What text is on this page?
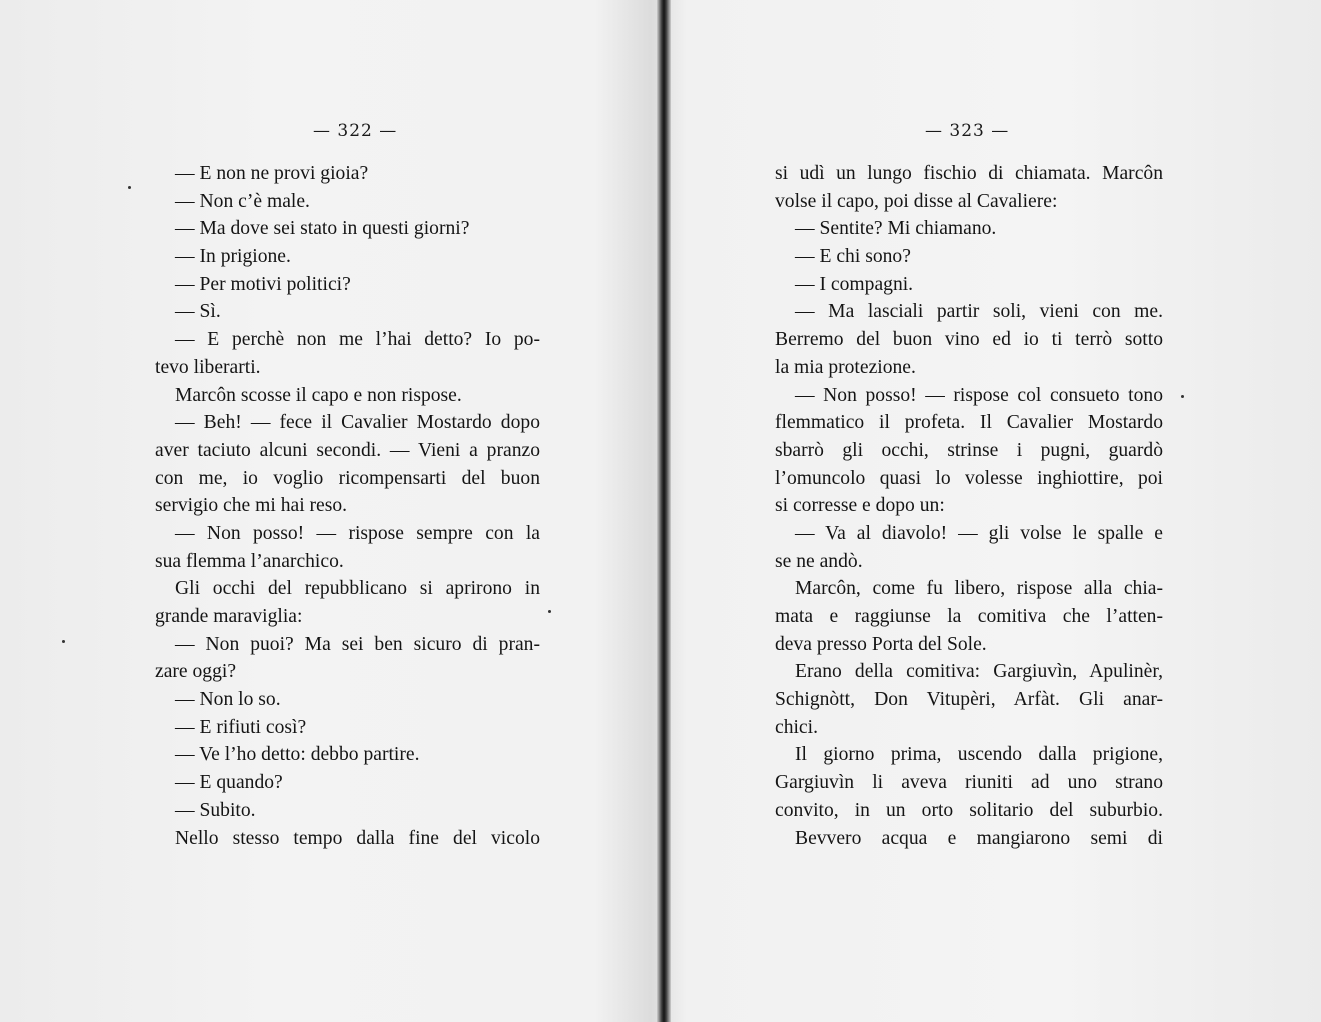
— 322 —
— E non ne provi gioia?
— Non c’è male.
— Ma dove sei stato in questi giorni?
— In prigione.
— Per motivi politici?
— Sì.
— E perchè non me l’hai detto? Io po-
tevo liberarti.
Marcôn scosse il capo e non rispose.
— Beh! — fece il Cavalier Mostardo dopo
aver taciuto alcuni secondi. — Vieni a pranzo
con me, io voglio ricompensarti del buon
servigio che mi hai reso.
— Non posso! — rispose sempre con la
sua flemma l’anarchico.
Gli occhi del repubblicano si aprirono in
grande maraviglia:
— Non puoi? Ma sei ben sicuro di pran-
zare oggi?
— Non lo so.
— E rifiuti così?
— Ve l’ho detto: debbo partire.
— E quando?
— Subito.
Nello stesso tempo dalla fine del vicolo
— 323 —
si udì un lungo fischio di chiamata. Marcôn
volse il capo, poi disse al Cavaliere:
— Sentite? Mi chiamano.
— E chi sono?
— I compagni.
— Ma lasciali partir soli, vieni con me.
Berremo del buon vino ed io ti terrò sotto
la mia protezione.
— Non posso! — rispose col consueto tono
flemmatico il profeta. Il Cavalier Mostardo
sbarrò gli occhi, strinse i pugni, guardò
l’omuncolo quasi lo volesse inghiottire, poi
si corresse e dopo un:
— Va al diavolo! — gli volse le spalle e
se ne andò.
Marcôn, come fu libero, rispose alla chia-
mata e raggiunse la comitiva che l’atten-
deva presso Porta del Sole.
Erano della comitiva: Gargiuvìn, Apulinèr,
Schignòtt, Don Vitupèri, Arfàt. Gli anar-
chici.
Il giorno prima, uscendo dalla prigione,
Gargiuvìn li aveva riuniti ad uno strano
convito, in un orto solitario del suburbio.
Bevvero acqua e mangiarono semi di
